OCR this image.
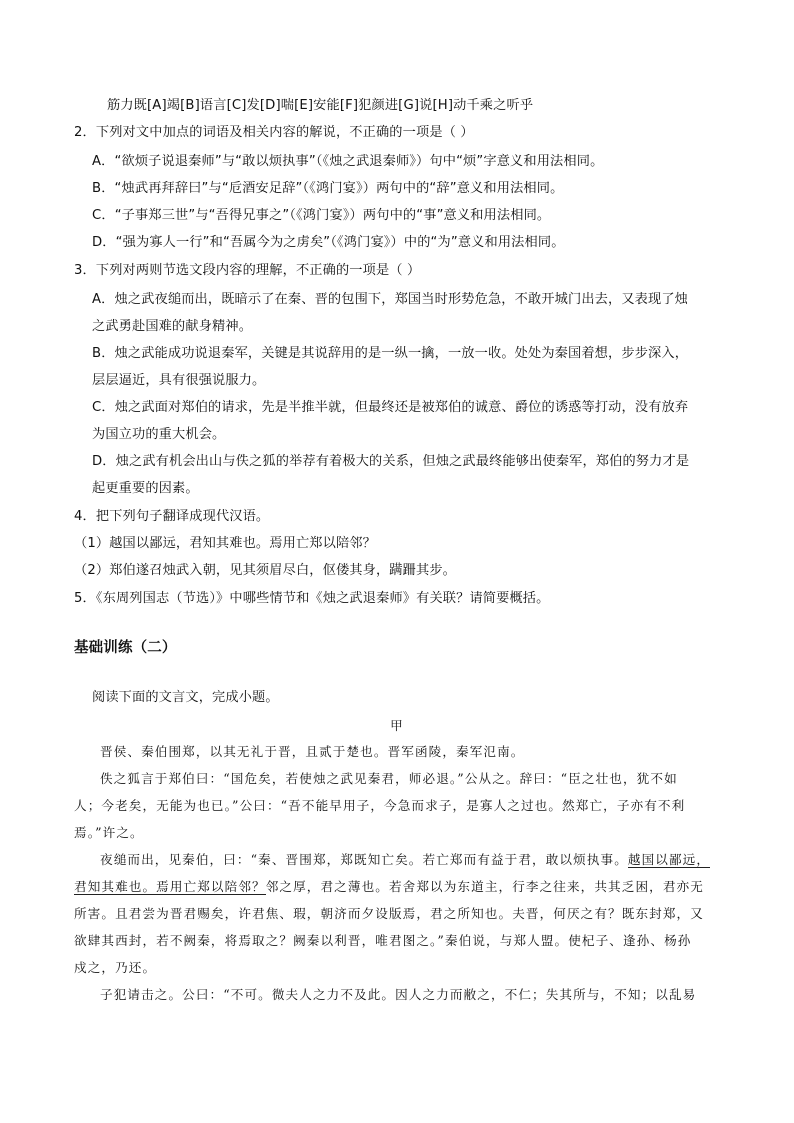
筋力既[A]竭[B]语言[C]发[D]喘[E]安能[F]犯颜进[G]说[H]动千乘之听乎
2．下列对文中加点的词语及相关内容的解说，不正确的一项是（ ）
A．“欲烦子说退秦师”与“敢以烦执事”（《烛之武退秦师》）句中“烦”字意义和用法相同。
B．“烛武再拜辞曰”与“卮酒安足辞”（《鸿门宴》）两句中的“辞”意义和用法相同。
C．“子事郑三世”与“吾得兄事之”（《鸿门宴》）两句中的“事”意义和用法相同。
D．“强为寡人一行”和“吾属今为之虏矣”（《鸿门宴》）中的“为”意义和用法相同。
3．下列对两则节选文段内容的理解，不正确的一项是（ ）
A．烛之武夜缒而出，既暗示了在秦、晋的包围下，郑国当时形势危急，不敢开城门出去，又表现了烛
之武勇赴国难的献身精神。
B．烛之武能成功说退秦军，关键是其说辞用的是一纵一擒，一放一收。处处为秦国着想，步步深入，
层层逼近，具有很强说服力。
C．烛之武面对郑伯的请求，先是半推半就，但最终还是被郑伯的诚意、爵位的诱惑等打动，没有放弃
为国立功的重大机会。
D．烛之武有机会出山与佚之狐的举荐有着极大的关系，但烛之武最终能够出使秦军，郑伯的努力才是
起更重要的因素。
4．把下列句子翻译成现代汉语。
（1）越国以鄙远，君知其难也。焉用亡郑以陪邻？
（2）郑伯遂召烛武入朝，见其须眉尽白，伛偻其身，蹒跚其步。
5．《东周列国志（节选）》中哪些情节和《烛之武退秦师》有关联？请简要概括。
基础训练（二）
阅读下面的文言文，完成小题。
甲
晋侯、秦伯围郑，以其无礼于晋，且贰于楚也。晋军函陵，秦军氾南。
佚之狐言于郑伯曰：“国危矣，若使烛之武见秦君，师必退。”公从之。辞曰：“臣之壮也，犹不如
人；今老矣，无能为也已。”公曰：“吾不能早用子，今急而求子，是寡人之过也。然郑亡，子亦有不利
焉。”许之。
夜缒而出，见秦伯，曰：“秦、晋围郑，郑既知亡矣。若亡郑而有益于君，敢以烦执事。越国以鄙远，
君知其难也。焉用亡郑以陪邻？邻之厚，君之薄也。若舍郑以为东道主，行李之往来，共其乏困，君亦无
所害。且君尝为晋君赐矣，许君焦、瑕，朝济而夕设版焉，君之所知也。夫晋，何厌之有？既东封郑，又
欲肆其西封，若不阙秦，将焉取之？阙秦以利晋，唯君图之。”秦伯说，与郑人盟。使杞子、逢孙、杨孙
戍之，乃还。
子犯请击之。公曰：“不可。微夫人之力不及此。因人之力而敝之，不仁；失其所与，不知；以乱易
